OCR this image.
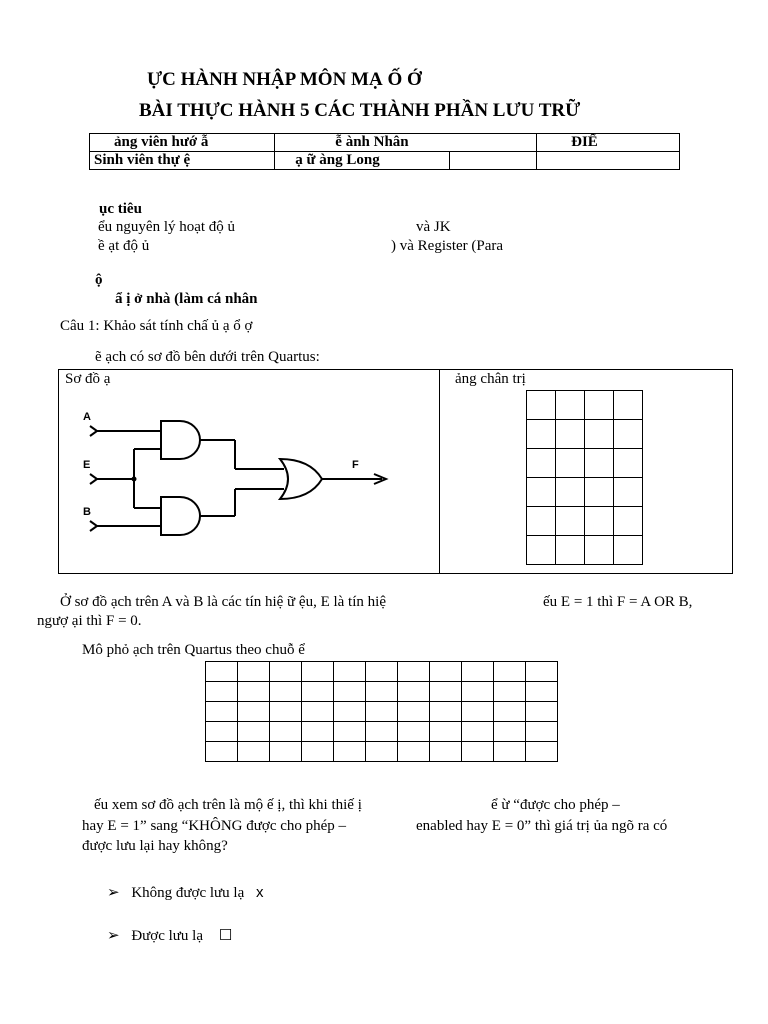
ỰC HÀNH NHẬP MÔN MẠ Ố Ớ
BÀI THỰC HÀNH 5 CÁC THÀNH PHẦN LƯU TRỮ
ảng viên hướ ẫ	ễ ành Nhân		ĐIỂ
Sinh viên thự ệ	ạ ữ àng Long		
ục tiêu
ểu nguyên lý hoạt độ ủ	và JK
ề ạt độ ủ	) và Register (Para
ộ
ẩ ị ở nhà (làm cá nhân
Câu 1: Khảo sát tính chấ ủ ạ ổ ợ
ẽ ạch có sơ đồ bên dưới trên Quartus:
Sơ đồ ạ	ảng chân trị
A
E
B
F

Ở sơ đồ ạch trên A và B là các tín hiệ ữ ệu, E là tín hiệ	ếu E = 1 thì F = A OR B,
ngượ ại thì F = 0.
Mô phỏ ạch trên Quartus theo chuỗ ể

ếu xem sơ đồ ạch trên là mộ ế ị, thì khi thiế ị	ể ừ “được cho phép –
hay E = 1” sang “KHÔNG được cho phép –	enabled hay E = 0” thì giá trị ủa ngõ ra có
được lưu lại hay không?
➢ Không được lưu lạ x
➢ Được lưu lạ ☐
